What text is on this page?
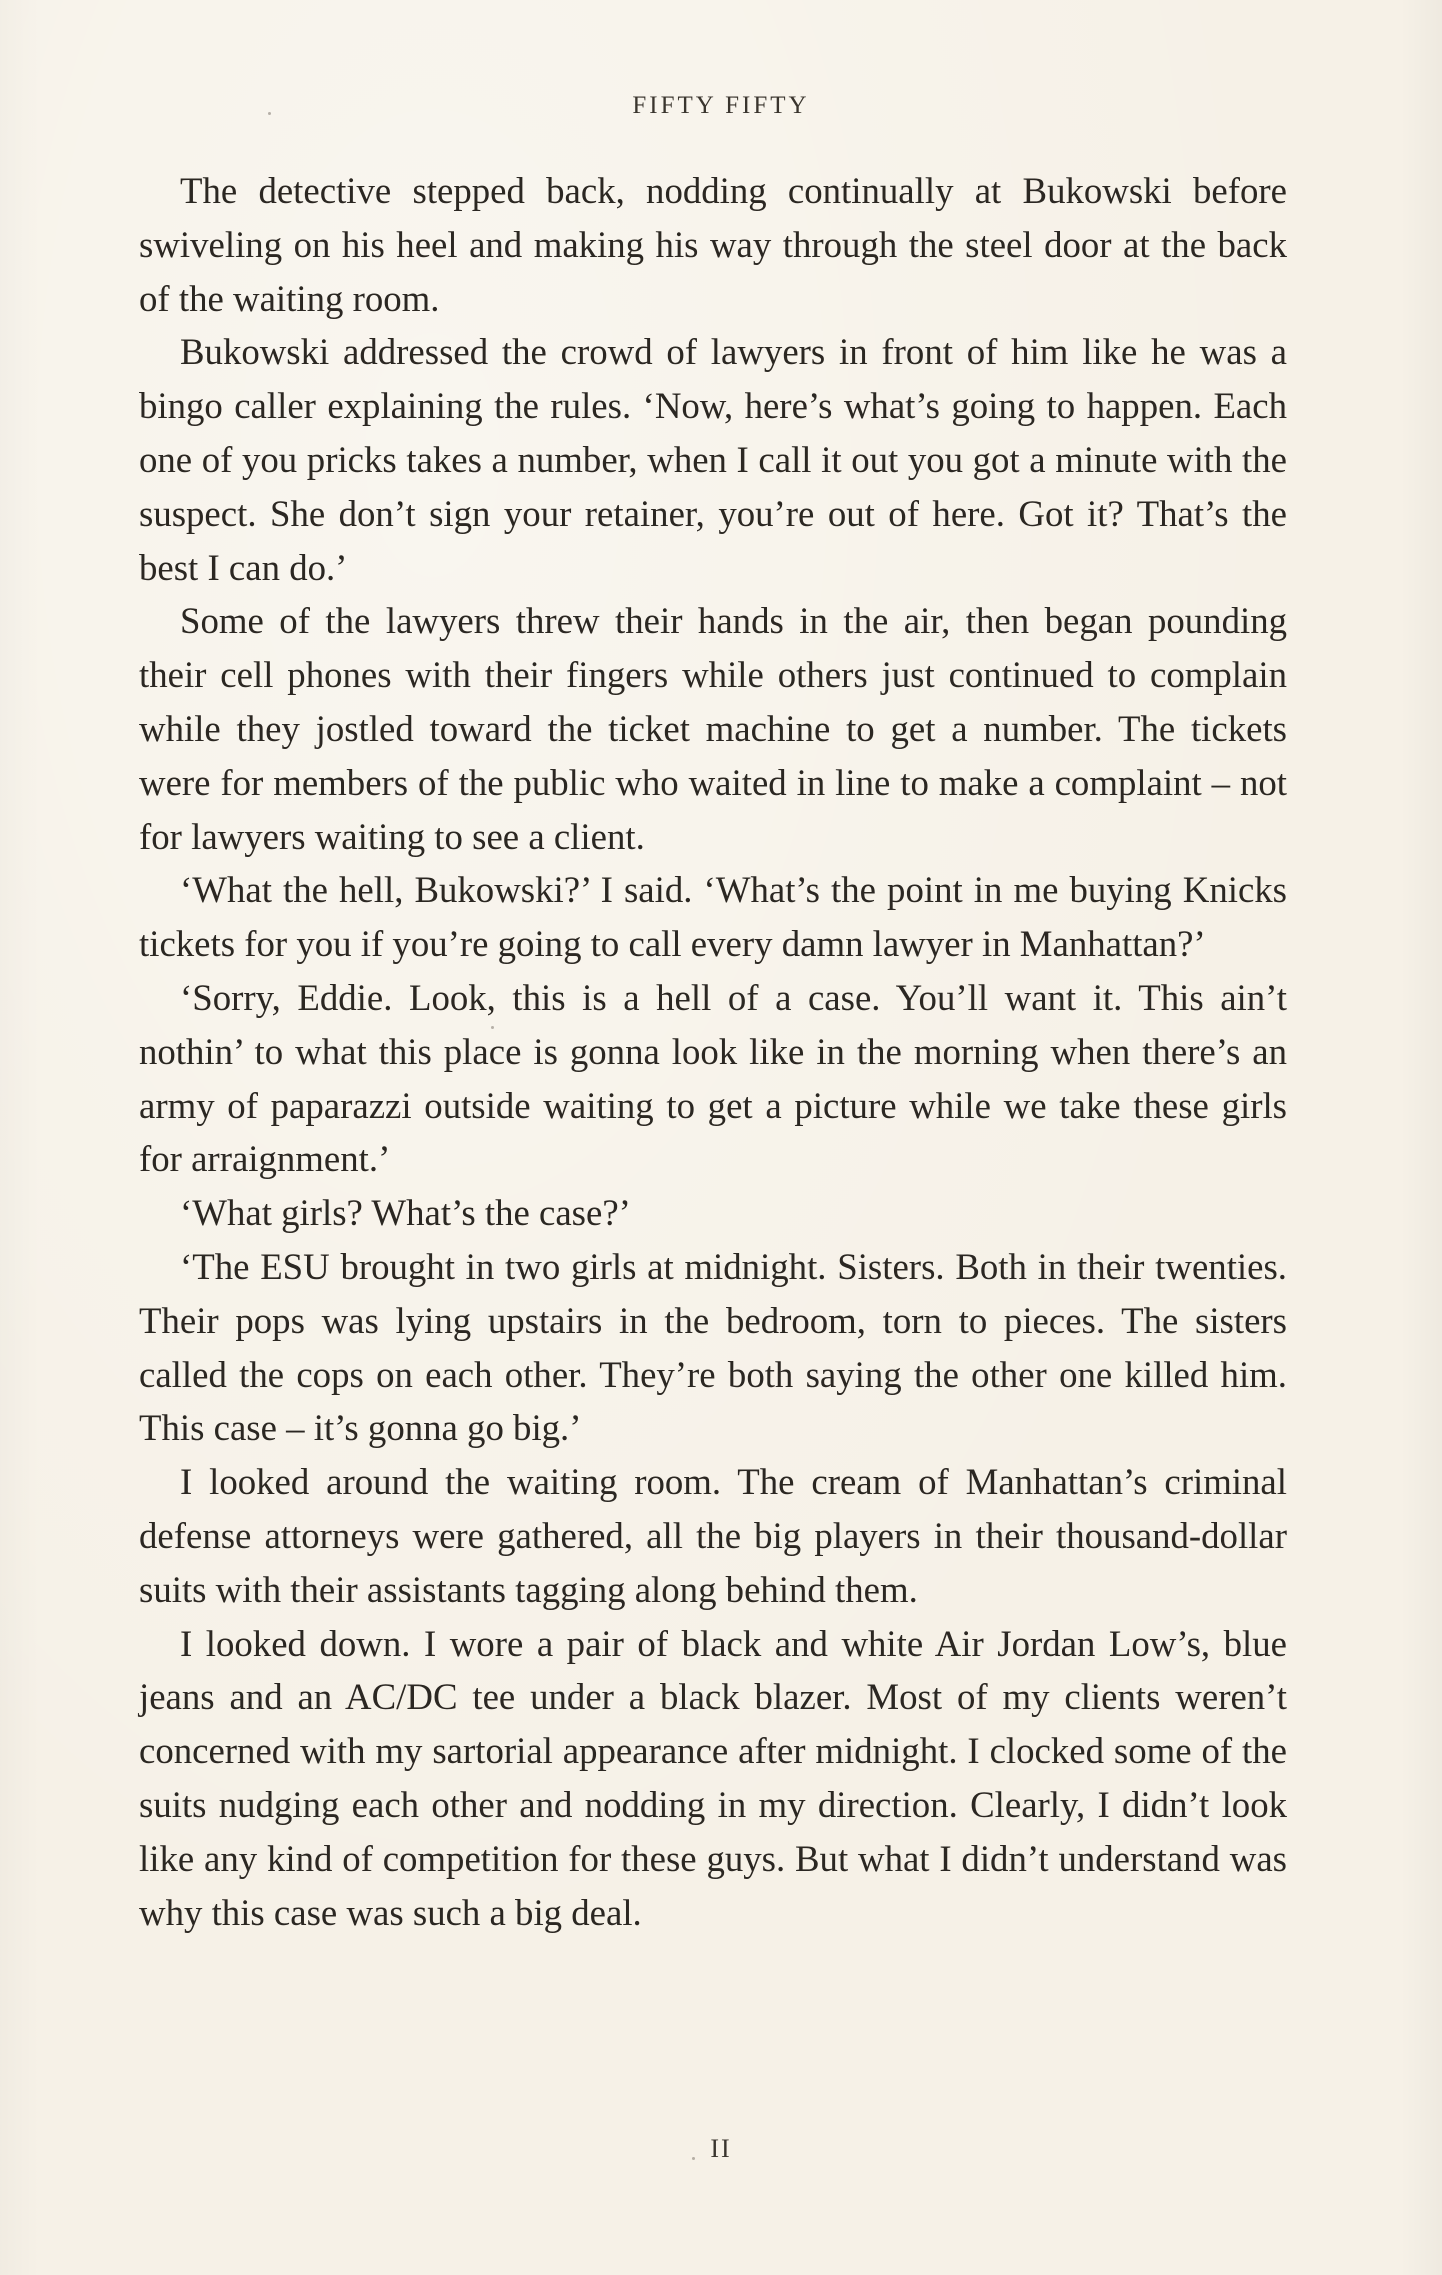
FIFTY FIFTY

The detective stepped back, nodding continually at Bukowski before swiveling on his heel and making his way through the steel door at the back of the waiting room.

Bukowski addressed the crowd of lawyers in front of him like he was a bingo caller explaining the rules. ‘Now, here’s what’s going to happen. Each one of you pricks takes a number, when I call it out you got a minute with the suspect. She don’t sign your retainer, you’re out of here. Got it? That’s the best I can do.’

Some of the lawyers threw their hands in the air, then began pounding their cell phones with their fingers while others just continued to complain while they jostled toward the ticket machine to get a number. The tickets were for members of the public who waited in line to make a complaint – not for lawyers waiting to see a client.

‘What the hell, Bukowski?’ I said. ‘What’s the point in me buying Knicks tickets for you if you’re going to call every damn lawyer in Manhattan?’

‘Sorry, Eddie. Look, this is a hell of a case. You’ll want it. This ain’t nothin’ to what this place is gonna look like in the morning when there’s an army of paparazzi outside waiting to get a picture while we take these girls for arraignment.’

‘What girls? What’s the case?’

‘The ESU brought in two girls at midnight. Sisters. Both in their twenties. Their pops was lying upstairs in the bedroom, torn to pieces. The sisters called the cops on each other. They’re both saying the other one killed him. This case – it’s gonna go big.’

I looked around the waiting room. The cream of Manhattan’s criminal defense attorneys were gathered, all the big players in their thousand-dollar suits with their assistants tagging along behind them.

I looked down. I wore a pair of black and white Air Jordan Low’s, blue jeans and an AC/DC tee under a black blazer. Most of my clients weren’t concerned with my sartorial appearance after midnight. I clocked some of the suits nudging each other and nodding in my direction. Clearly, I didn’t look like any kind of competition for these guys. But what I didn’t understand was why this case was such a big deal.

II
